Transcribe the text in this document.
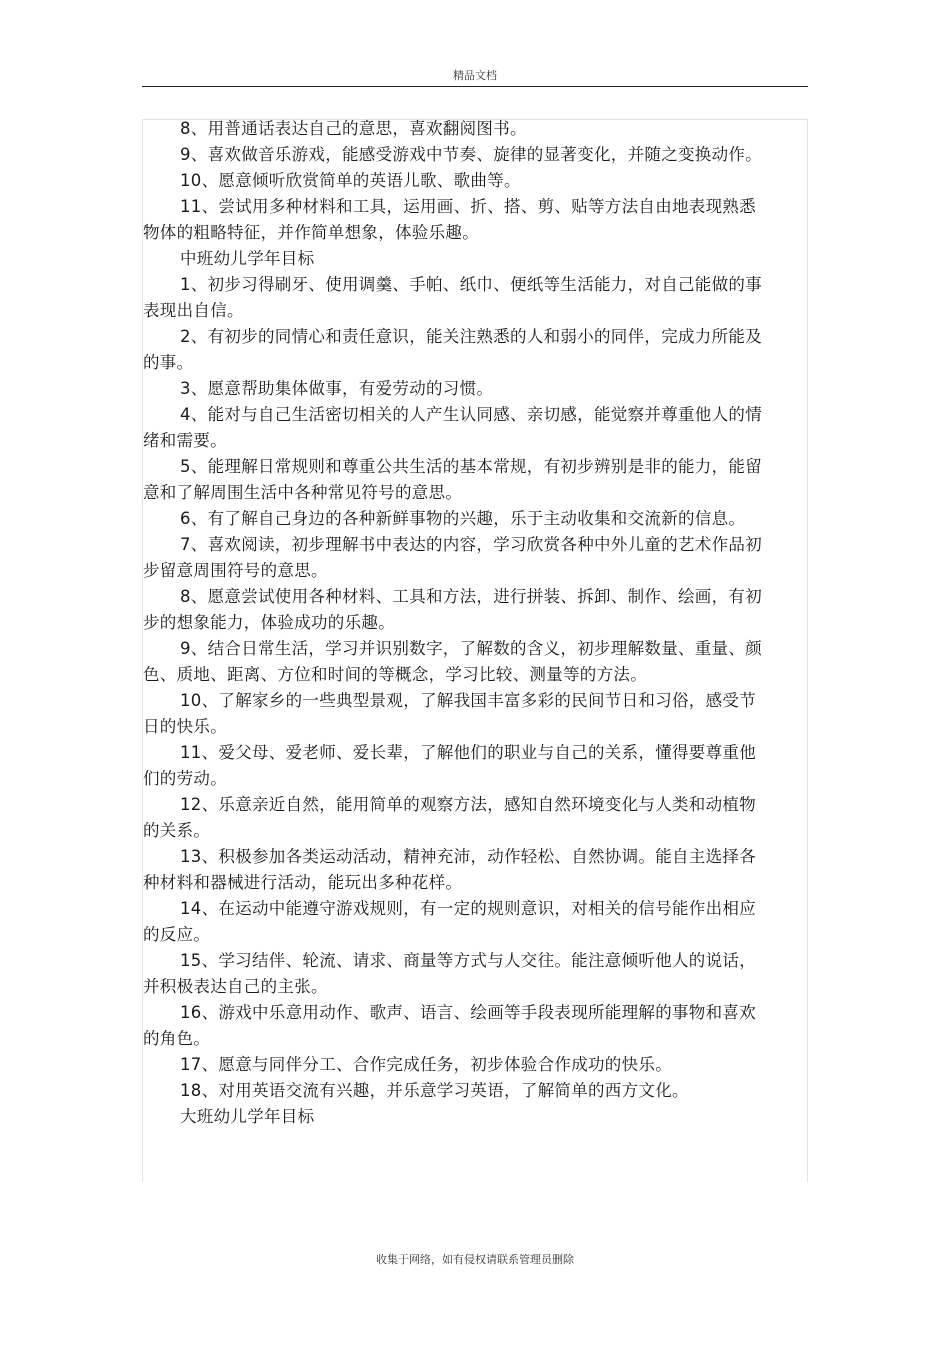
精品文档

8、用普通话表达自己的意思，喜欢翻阅图书。

9、喜欢做音乐游戏，能感受游戏中节奏、旋律的显著变化，并随之变换动作。

10、愿意倾听欣赏简单的英语儿歌、歌曲等。

11、尝试用多种材料和工具，运用画、折、搭、剪、贴等方法自由地表现熟悉物体的粗略特征，并作简单想象，体验乐趣。

中班幼儿学年目标

1、初步习得刷牙、使用调羹、手帕、纸巾、便纸等生活能力，对自己能做的事表现出自信。

2、有初步的同情心和责任意识，能关注熟悉的人和弱小的同伴，完成力所能及的事。

3、愿意帮助集体做事，有爱劳动的习惯。

4、能对与自己生活密切相关的人产生认同感、亲切感，能觉察并尊重他人的情绪和需要。

5、能理解日常规则和尊重公共生活的基本常规，有初步辨别是非的能力，能留意和了解周围生活中各种常见符号的意思。

6、有了解自己身边的各种新鲜事物的兴趣，乐于主动收集和交流新的信息。

7、喜欢阅读，初步理解书中表达的内容，学习欣赏各种中外儿童的艺术作品初步留意周围符号的意思。

8、愿意尝试使用各种材料、工具和方法，进行拼装、拆卸、制作、绘画，有初步的想象能力，体验成功的乐趣。

9、结合日常生活，学习并识别数字，了解数的含义，初步理解数量、重量、颜色、质地、距离、方位和时间的等概念，学习比较、测量等的方法。

10、了解家乡的一些典型景观，了解我国丰富多彩的民间节日和习俗，感受节日的快乐。

11、爱父母、爱老师、爱长辈，了解他们的职业与自己的关系，懂得要尊重他们的劳动。

12、乐意亲近自然，能用简单的观察方法，感知自然环境变化与人类和动植物的关系。

13、积极参加各类运动活动，精神充沛，动作轻松、自然协调。能自主选择各种材料和器械进行活动，能玩出多种花样。

14、在运动中能遵守游戏规则，有一定的规则意识，对相关的信号能作出相应的反应。

15、学习结伴、轮流、请求、商量等方式与人交往。能注意倾听他人的说话，并积极表达自己的主张。

16、游戏中乐意用动作、歌声、语言、绘画等手段表现所能理解的事物和喜欢的角色。

17、愿意与同伴分工、合作完成任务，初步体验合作成功的快乐。

18、对用英语交流有兴趣，并乐意学习英语，了解简单的西方文化。

大班幼儿学年目标

收集于网络，如有侵权请联系管理员删除
